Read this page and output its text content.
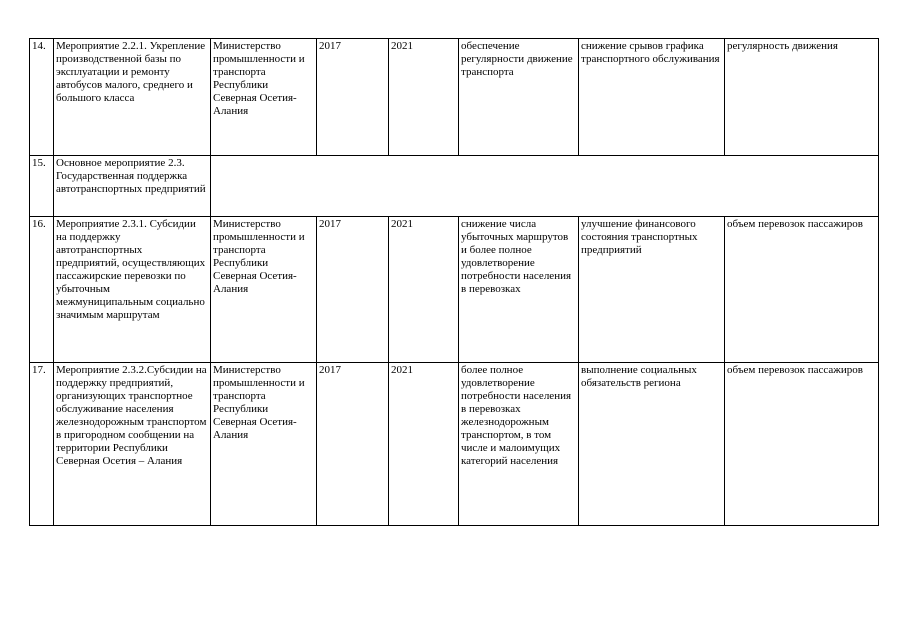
14.	Мероприятие 2.2.1. Укрепление производственной базы по эксплуатации и ремонту автобусов малого, среднего и большого класса	Министерство промышленности и транспорта Республики Северная Осетия-Алания	2017	2021	обеспечение регулярности движение транспорта	снижение срывов графика транспортного обслуживания	регулярность движения
15.	Основное мероприятие 2.3. Государственная поддержка автотранспортных предприятий						
16.	Мероприятие 2.3.1. Субсидии на поддержку автотранспортных предприятий, осуществляющих пассажирские перевозки по убыточным межмуниципальным социально значимым маршрутам	Министерство промышленности и транспорта Республики Северная Осетия-Алания	2017	2021	снижение числа убыточных маршрутов и более полное удовлетворение потребности населения в перевозках	улучшение финансового состояния транспортных предприятий	объем перевозок пассажиров
17.	Мероприятие 2.3.2.Субсидии на поддержку предприятий, организующих транспортное обслуживание населения железнодорожным транспортом в пригородном сообщении на территории Республики Северная Осетия – Алания	Министерство промышленности и транспорта Республики Северная Осетия-Алания	2017	2021	более полное удовлетворение потребности населения в перевозках железнодорожным транспортом, в том числе и малоимущих категорий населения	выполнение социальных обязательств региона	объем перевозок пассажиров
